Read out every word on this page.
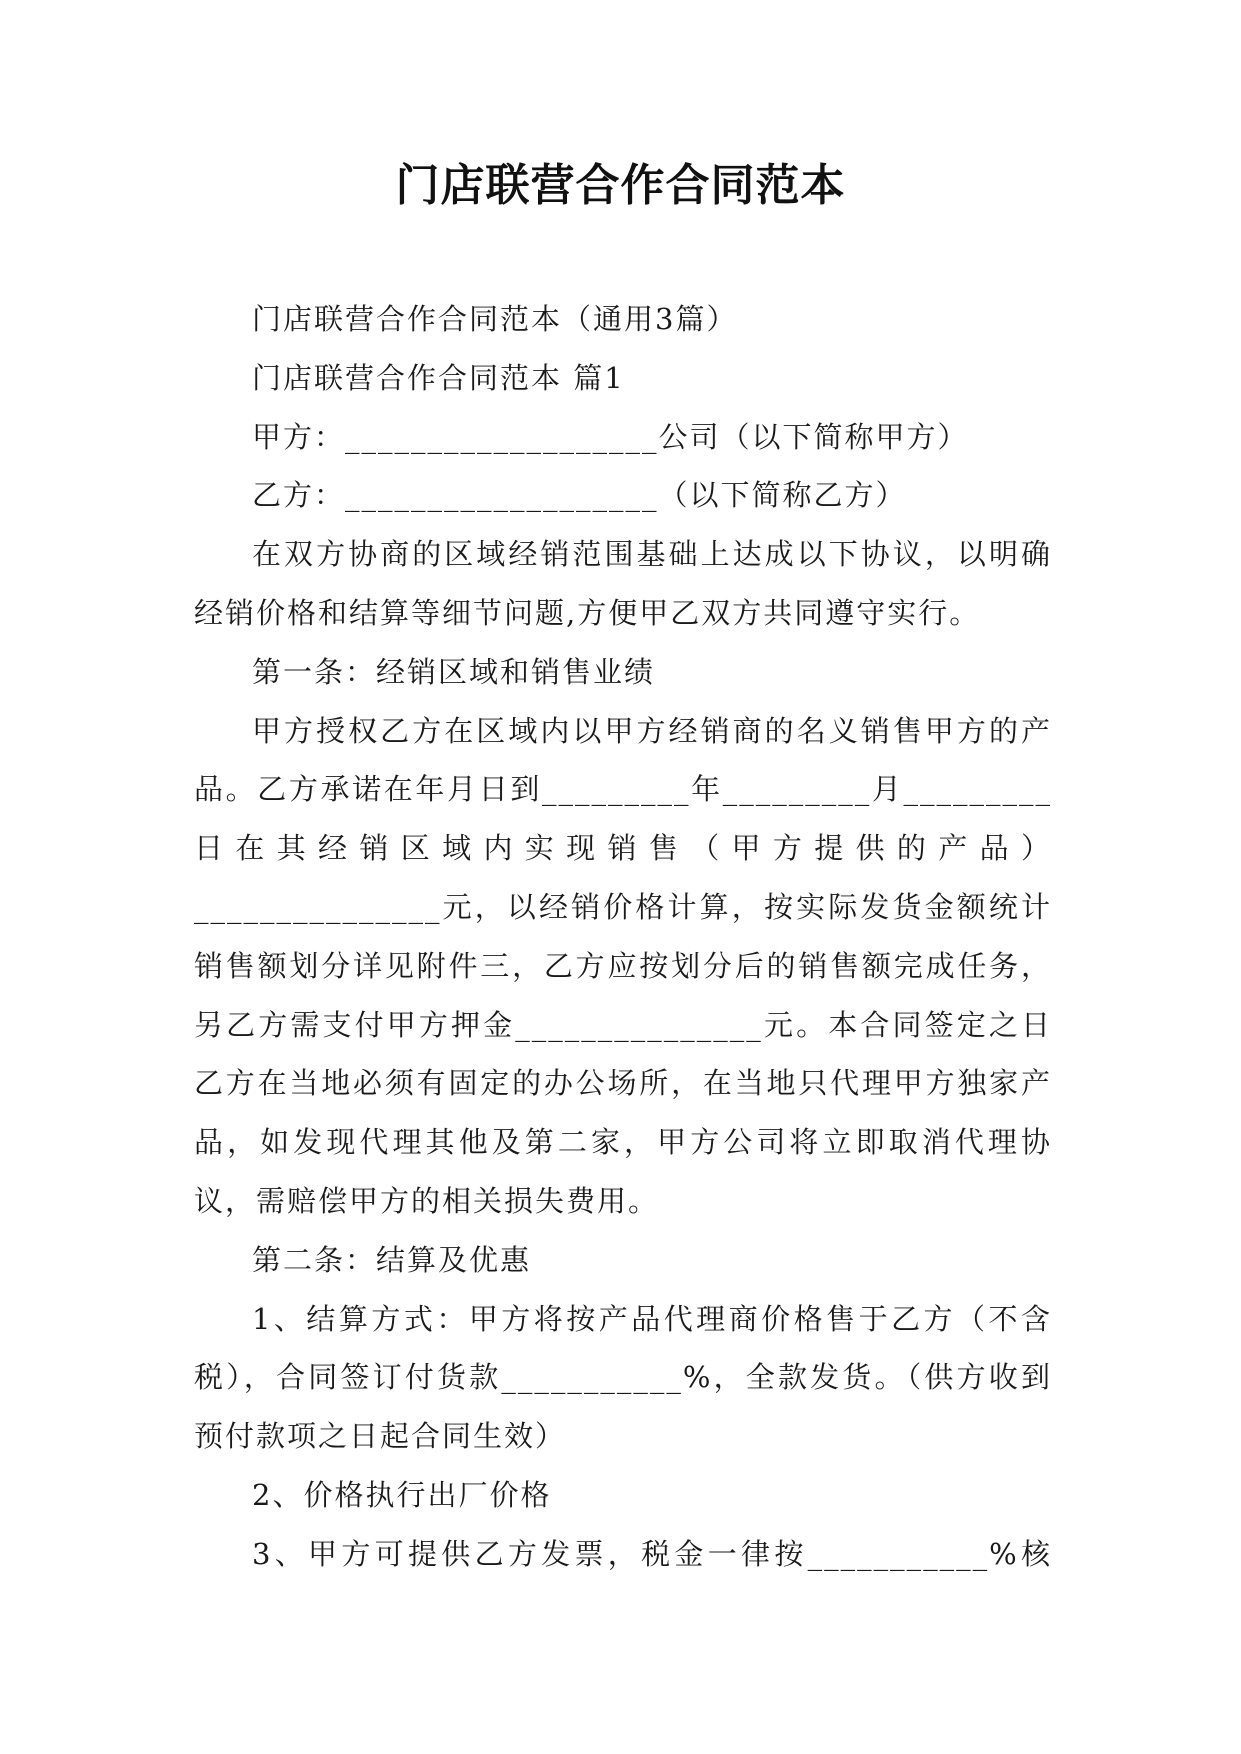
门店联营合作合同范本

门店联营合作合同范本（通用3篇）

门店联营合作合同范本 篇1

甲方：___________________公司（以下简称甲方）

乙方：___________________（以下简称乙方）

在双方协商的区域经销范围基础上达成以下协议，以明确经销价格和结算等细节问题,方便甲乙双方共同遵守实行。

第一条：经销区域和销售业绩

甲方授权乙方在区域内以甲方经销商的名义销售甲方的产品。乙方承诺在年月日到_________年_________月_________日在其经销区域内实现销售（甲方提供的产品）_______________元，以经销价格计算，按实际发货金额统计销售额划分详见附件三，乙方应按划分后的销售额完成任务，另乙方需支付甲方押金_______________元。本合同签定之日乙方在当地必须有固定的办公场所，在当地只代理甲方独家产品，如发现代理其他及第二家，甲方公司将立即取消代理协议，需赔偿甲方的相关损失费用。

第二条：结算及优惠

1、结算方式：甲方将按产品代理商价格售于乙方（不含税），合同签订付货款___________%，全款发货。（供方收到预付款项之日起合同生效）

2、价格执行出厂价格

3、甲方可提供乙方发票，税金一律按___________%核
